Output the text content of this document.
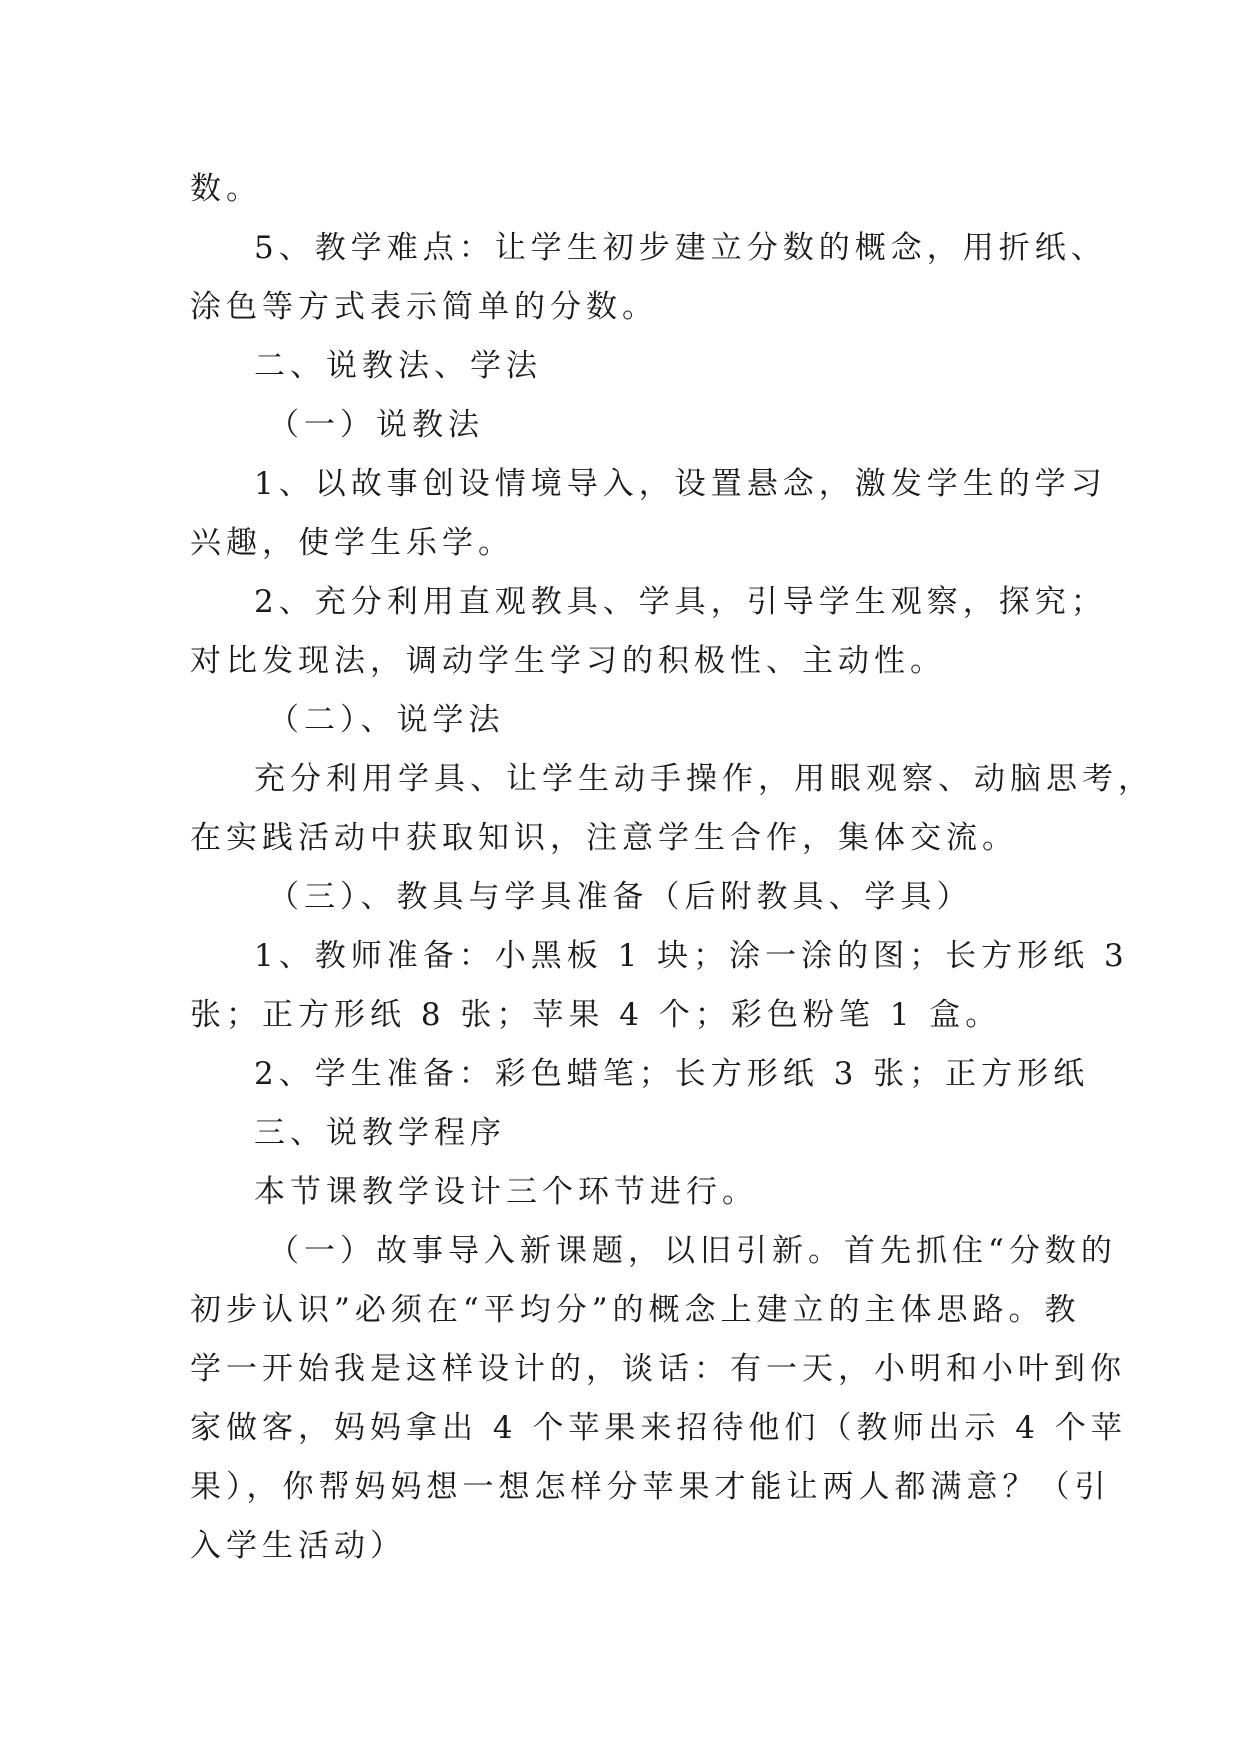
数。

5、教学难点：让学生初步建立分数的概念，用折纸、

涂色等方式表示简单的分数。

二、说教法、学法

（一）说教法

1、以故事创设情境导入，设置悬念，激发学生的学习

兴趣，使学生乐学。

2、充分利用直观教具、学具，引导学生观察，探究；

对比发现法，调动学生学习的积极性、主动性。

（二）、说学法

充分利用学具、让学生动手操作，用眼观察、动脑思考，

在实践活动中获取知识，注意学生合作，集体交流。

（三）、教具与学具准备（后附教具、学具）

1、教师准备：小黑板 1 块；涂一涂的图；长方形纸 3

张；正方形纸 8 张；苹果 4 个；彩色粉笔 1 盒。

2、学生准备：彩色蜡笔；长方形纸 3 张；正方形纸

三、说教学程序

本节课教学设计三个环节进行。

（一）故事导入新课题，以旧引新。首先抓住“分数的

初步认识”必须在“平均分”的概念上建立的主体思路。教

学一开始我是这样设计的，谈话：有一天，小明和小叶到你

家做客，妈妈拿出 4 个苹果来招待他们（教师出示 4 个苹

果），你帮妈妈想一想怎样分苹果才能让两人都满意？（引

入学生活动）
